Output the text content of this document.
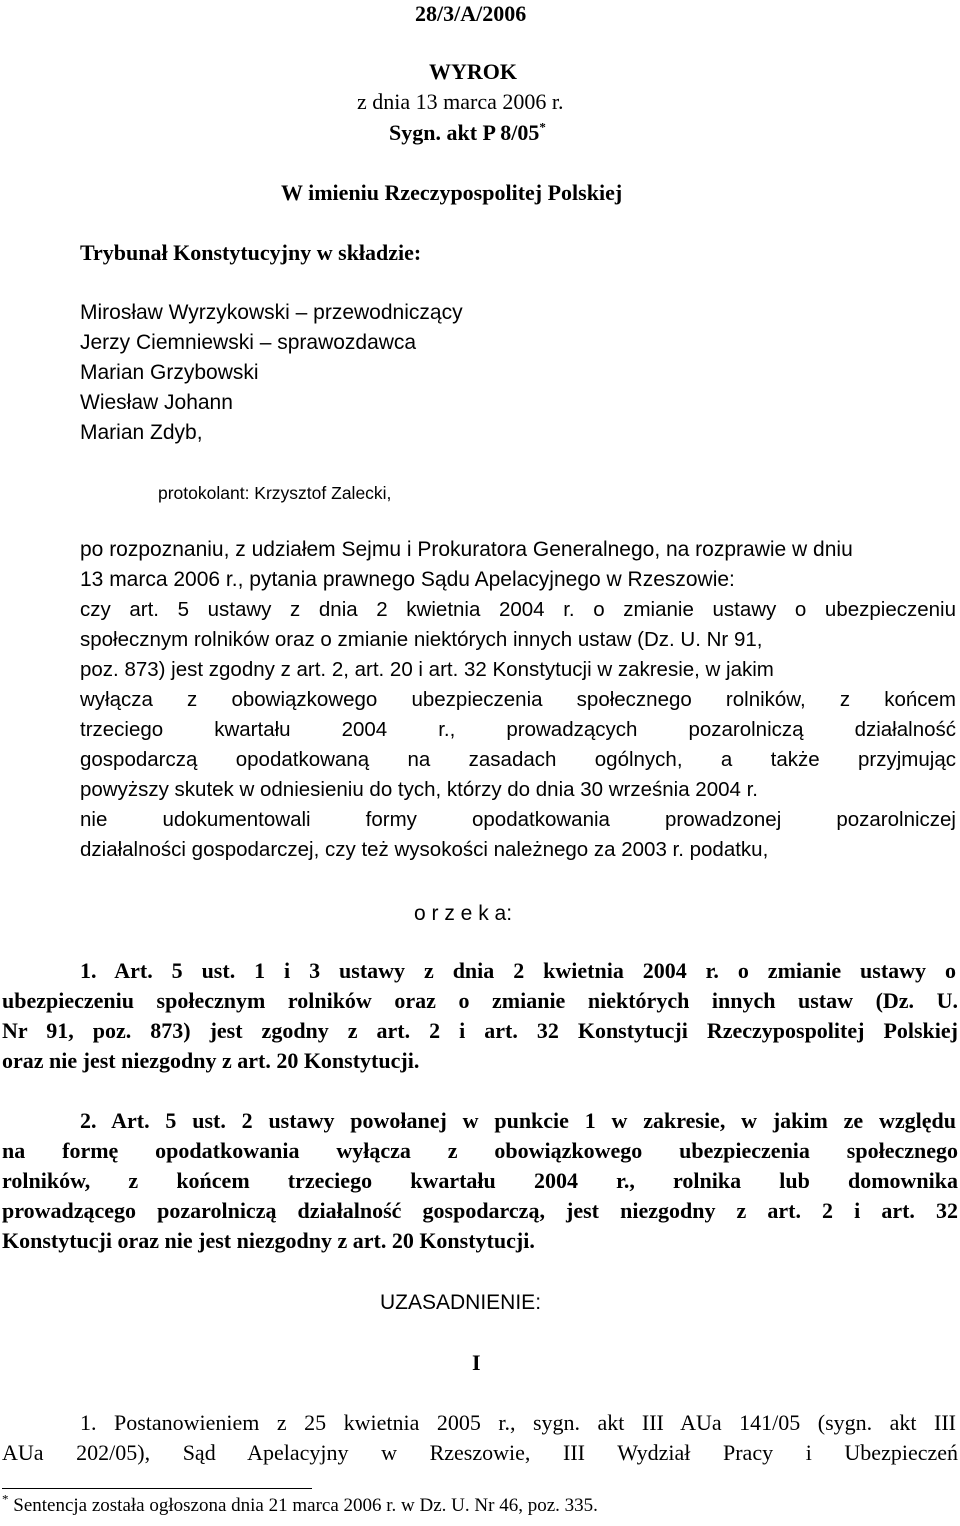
28/3/A/2006
WYROK
z dnia 13 marca 2006 r.
Sygn. akt P 8/05*
W imieniu Rzeczypospolitej Polskiej
Trybunał Konstytucyjny w składzie:
Mirosław Wyrzykowski – przewodniczący
Jerzy Ciemniewski – sprawozdawca
Marian Grzybowski
Wiesław Johann
Marian Zdyb,
protokolant: Krzysztof Zalecki,
po rozpoznaniu, z udziałem Sejmu i Prokuratora Generalnego, na rozprawie w dniu
13 marca 2006 r., pytania prawnego Sądu Apelacyjnego w Rzeszowie:
czy art. 5 ustawy z dnia 2 kwietnia 2004 r. o zmianie ustawy o ubezpieczeniu
społecznym rolników oraz o zmianie niektórych innych ustaw (Dz. U. Nr 91,
poz. 873) jest zgodny z art. 2, art. 20 i art. 32 Konstytucji w zakresie, w jakim
wyłącza z obowiązkowego ubezpieczenia społecznego rolników, z końcem
trzeciego kwartału 2004 r., prowadzących pozarolniczą działalność
gospodarczą opodatkowaną na zasadach ogólnych, a także przyjmując
powyższy skutek w odniesieniu do tych, którzy do dnia 30 września 2004 r.
nie udokumentowali formy opodatkowania prowadzonej pozarolniczej
działalności gospodarczej, czy też wysokości należnego za 2003 r. podatku,
o r z e k a:
1. Art. 5 ust. 1 i 3 ustawy z dnia 2 kwietnia 2004 r. o zmianie ustawy o
ubezpieczeniu społecznym rolników oraz o zmianie niektórych innych ustaw (Dz. U.
Nr 91, poz. 873) jest zgodny z art. 2 i art. 32 Konstytucji Rzeczypospolitej Polskiej
oraz nie jest niezgodny z art. 20 Konstytucji.
2. Art. 5 ust. 2 ustawy powołanej w punkcie 1 w zakresie, w jakim ze względu
na formę opodatkowania wyłącza z obowiązkowego ubezpieczenia społecznego
rolników, z końcem trzeciego kwartału 2004 r., rolnika lub domownika
prowadzącego pozarolniczą działalność gospodarczą, jest niezgodny z art. 2 i art. 32
Konstytucji oraz nie jest niezgodny z art. 20 Konstytucji.
UZASADNIENIE:
I
1. Postanowieniem z 25 kwietnia 2005 r., sygn. akt III AUa 141/05 (sygn. akt III
AUa 202/05), Sąd Apelacyjny w Rzeszowie, III Wydział Pracy i Ubezpieczeń
* Sentencja została ogłoszona dnia 21 marca 2006 r. w Dz. U. Nr 46, poz. 335.
